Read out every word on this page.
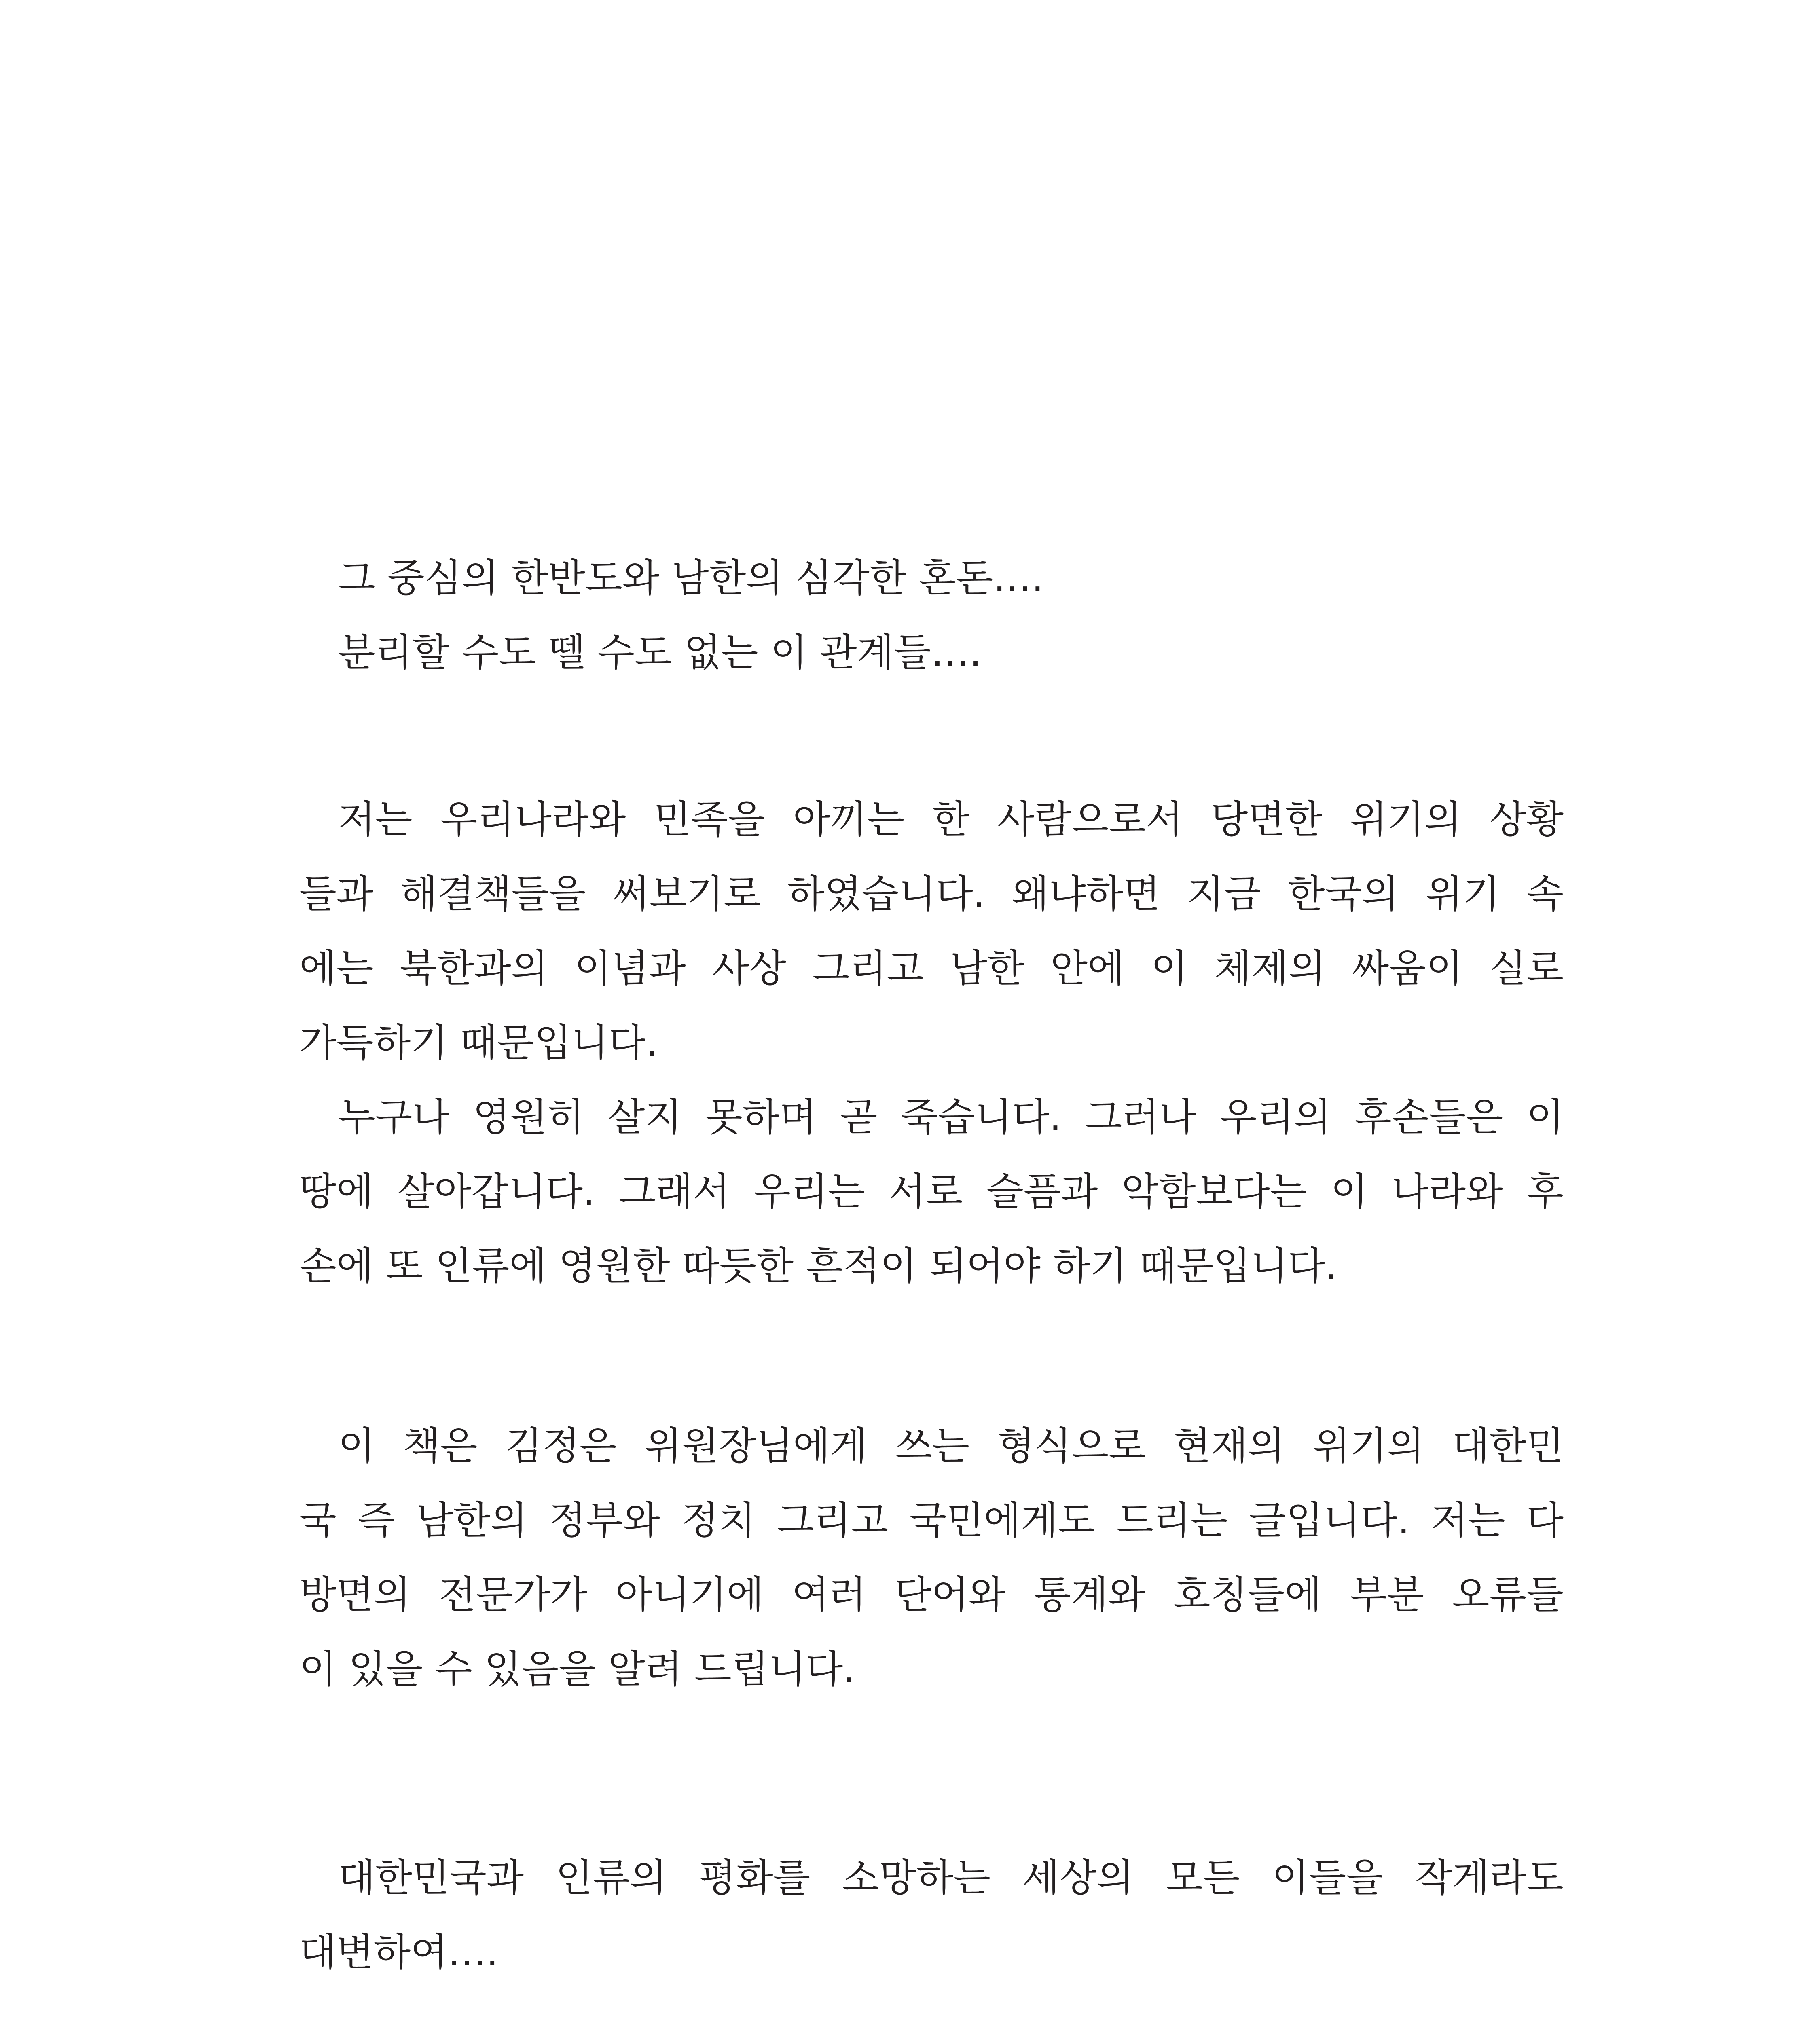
그 중심의 한반도와 남한의 심각한 혼돈….
분리할 수도 뗄 수도 없는 이 관계들….
저는 우리나라와 민족을 아끼는 한 사람으로서 당면한 위기의 상황
들과 해결책들을 써보기로 하였습니다. 왜냐하면 지금 한국의 위기 속
에는 북한과의 이념과 사상 그리고 남한 안에 이 체제의 싸움이 실로
가득하기 때문입니다.
누구나 영원히 살지 못하며 곧 죽습니다. 그러나 우리의 후손들은 이
땅에 살아갑니다. 그래서 우리는 서로 슬픔과 악함보다는 이 나라와 후
손에 또 인류에 영원한 따듯한 흔적이 되어야 하기 때문입니다.
이 책은 김정은 위원장님에게 쓰는 형식으로 현재의 위기의 대한민
국 즉 남한의 정부와 정치 그리고 국민에게도 드리는 글입니다. 저는 다
방면의 전문가가 아니기에 여러 단어와 통계와 호칭들에 부분 오류들
이 있을 수 있음을 알려 드립니다.
대한민국과 인류의 평화를 소망하는 세상의 모든 이들을 작게라도
대변하여….
